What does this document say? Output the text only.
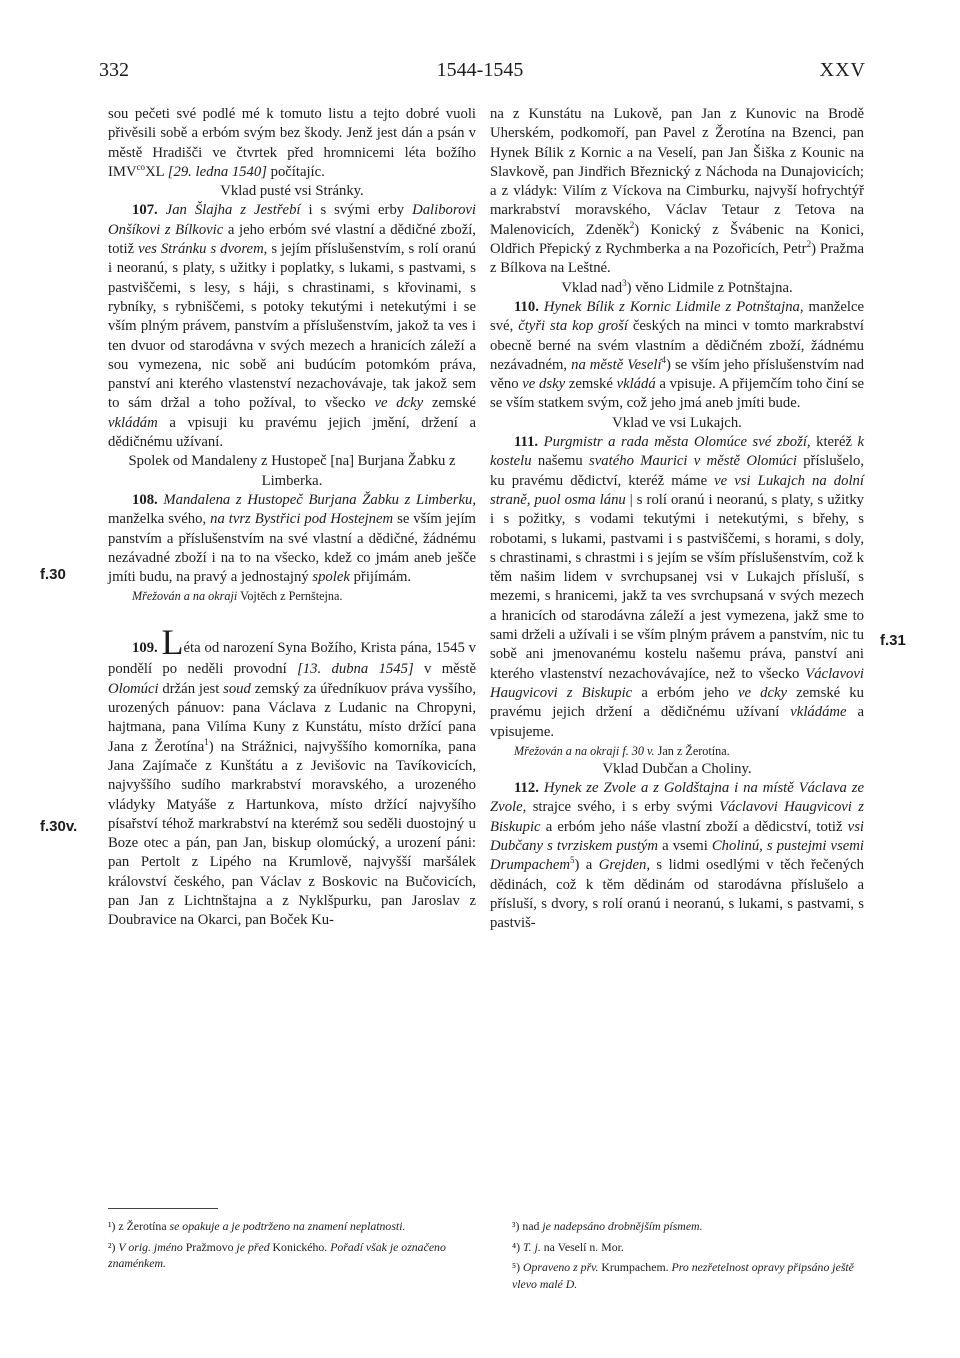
332	1544-1545	XXV
f.30
f.31
f.30v.

sou pečeti své podlé mé k tomuto listu a tejto dobré vuoli přivěsili sobě a erbóm svým bez škody. Jenž jest dán a psán v městě Hradišči ve čtvrtek před hromnicemi léta božího $IMV^{co}XL$ [29. ledna 1540] počítajíc.

Vklad pusté vsi Stránky.

107. Jan Šlajha z Jestřebí i s svými erby Daliborovi Onšíkovi z Bílkovic a jeho erbóm své vlastní a dědičné zboží, totiž ves Stránku s dvorem, s jejím příslušenstvím, s rolí oranú i neoranú, s platy, s užitky i poplatky, s lukami, s pastvami, s pastviščemi, s lesy, s háji, s chrastinami, s křovinami, s rybníky, s rybniščemi, s potoky tekutými i netekutými i se vším plným právem, panstvím a příslušenstvím, jakož ta ves i ten dvuor od starodávna v svých mezech a hranicích záleží a sou vymezena, nic sobě ani budúcím potomkóm práva, panství ani kterého vlastenství nezachovávaje, tak jakož sem to sám držal a toho požíval, to všecko ve dcky zemské vkládám a vpisuji ku pravému jejich jmění, držení a dědičnému užívaní.

Spolek od Mandaleny z Hustopeč [na] Burjana Žabku z Limberka.

108. Mandalena z Hustopeč Burjana Žabku z Limberku, manželka svého, na tvrz Bystřici pod Hostejnem se vším jejím panstvím a příslušenstvím na své vlastní a dědičné, žádnému nezávadné zboží i na to na všecko, kdež co jmám aneb ješče jmíti budu, na pravý a jednostajný spolek přijímám.

Mřežován a na okraji Vojtěch z Pernštejna.

109. Léta od narození Syna Božího, Krista pána, 1545 v pondělí po neděli provodní [13. dubna 1545] v městě Olomúci držán jest soud zemský za úředníkuov práva vysšího, urozených pánuov: pana Václava z Ludanic na Chropyni, hajtmana, pana Vilíma Kuny z Kunstátu, místo držící pana Jana z Žerotína$^1$) na Strážnici, najvyššího komorníka, pana Jana Zajímače z Kunštátu a z Jevišovic na Tavíkovicích, najvyššího sudího markrabství moravského, a urozeného vládyky Matyáše z Hartunkova, místo držící najvyšího písařství téhož markrabství na kterémž sou seděli duostojný u Boze otec a pán, pan Jan, biskup olomúcký, a urození páni: pan Pertolt z Lipého na Krumlově, najvyšší maršálek království českého, pan Václav z Boskovic na Bučovicích, pan Jan z Lichtnštajna a z Nyklšpurku, pan Jaroslav z Doubravice na Okarci, pan Boček Ku-

na z Kunstátu na Lukově, pan Jan z Kunovic na Brodě Uherském, podkomoří, pan Pavel z Žerotína na Bzenci, pan Hynek Bílik z Kornic a na Veselí, pan Jan Šiška z Kounic na Slavkově, pan Jindřich Březnický z Náchoda na Dunajovicích; a z vládyk: Vilím z Víckova na Cimburku, najvyší hofrychtýř markrabství moravského, Václav Tetaur z Tetova na Malenovicích, Zdeněk$^2$) Konický z Švábenic na Konici, Oldřich Přepický z Rychmberka a na Pozořicích, Petr$^2$) Pražma z Bílkova na Leštné.

Vklad nad$^3$) věno Lidmile z Potnštajna.

110. Hynek Bílik z Kornic Lidmile z Potnštajna, manželce své, čtyři sta kop groší českých na minci v tomto markrabství obecně berné na svém vlastním a dědičném zboží, žádnému nezávadném, na městě Veselí$^4$) se vším jeho příslušenstvím nad věno ve dsky zemské vkládá a vpisuje. A přijemčím toho činí se se vším statkem svým, což jeho jmá aneb jmíti bude.

Vklad ve vsi Lukajch.

111. Purgmistr a rada města Olomúce své zboží, kteréž k kostelu našemu svatého Maurici v městě Olomúci příslušelo, ku pravému dědictví, kteréž máme ve vsi Lukajch na dolní straně, puol osma lánu | s rolí oranú i neoranú, s platy, s užitky i s požitky, s vodami tekutými i netekutými, s břehy, s robotami, s lukami, pastvami i s pastviščemi, s horami, s doly, s chrastinami, s chrastmi i s jejím se vším příslušenstvím, což k těm našim lidem v svrchupsanej vsi v Lukajch přísluší, s mezemi, s hranicemi, jakž ta ves svrchupsaná v svých mezech a hranicích od starodávna záleží a jest vymezena, jakž sme to sami drželi a užívali i se vším plným právem a panstvím, nic tu sobě ani jmenovanému kostelu našemu práva, panství ani kterého vlastenství nezachovávajíce, než to všecko Václavovi Haugvicovi z Biskupic a erbóm jeho ve dcky zemské ku pravému jejich držení a dědičnému užívaní vkládáme a vpisujeme.

Mřežován a na okraji f. 30 v. Jan z Žerotína.

Vklad Dubčan a Choliny.

112. Hynek ze Zvole a z Goldštajna i na místě Václava ze Zvole, strajce svého, i s erby svými Václavovi Haugvicovi z Biskupic a erbóm jeho náše vlastní zboží a dědicství, totiž vsi Dubčany s tvrziskem pustým a vsemi Cholinú, s pustejmi vsemi Drumpachem$^5$) a Grejden, s lidmi osedlými v těch řečených dědinách, což k těm dědinám od starodávna příslušelo a přísluší, s dvory, s rolí oranú i neoranú, s lukami, s pastvami, s pastviš-

¹) z Žerotína se opakuje a je podtrženo na znamení neplatnosti.

²) V orig. jméno Pražmovo je před Konického. Pořadí však je označeno znaménkem.

³) nad je nadepsáno drobnějším písmem.

⁴) T. j. na Veselí n. Mor.

⁵) Opraveno z přv. Krumpachem. Pro nezřetelnost opravy připsáno ještě vlevo malé D.
